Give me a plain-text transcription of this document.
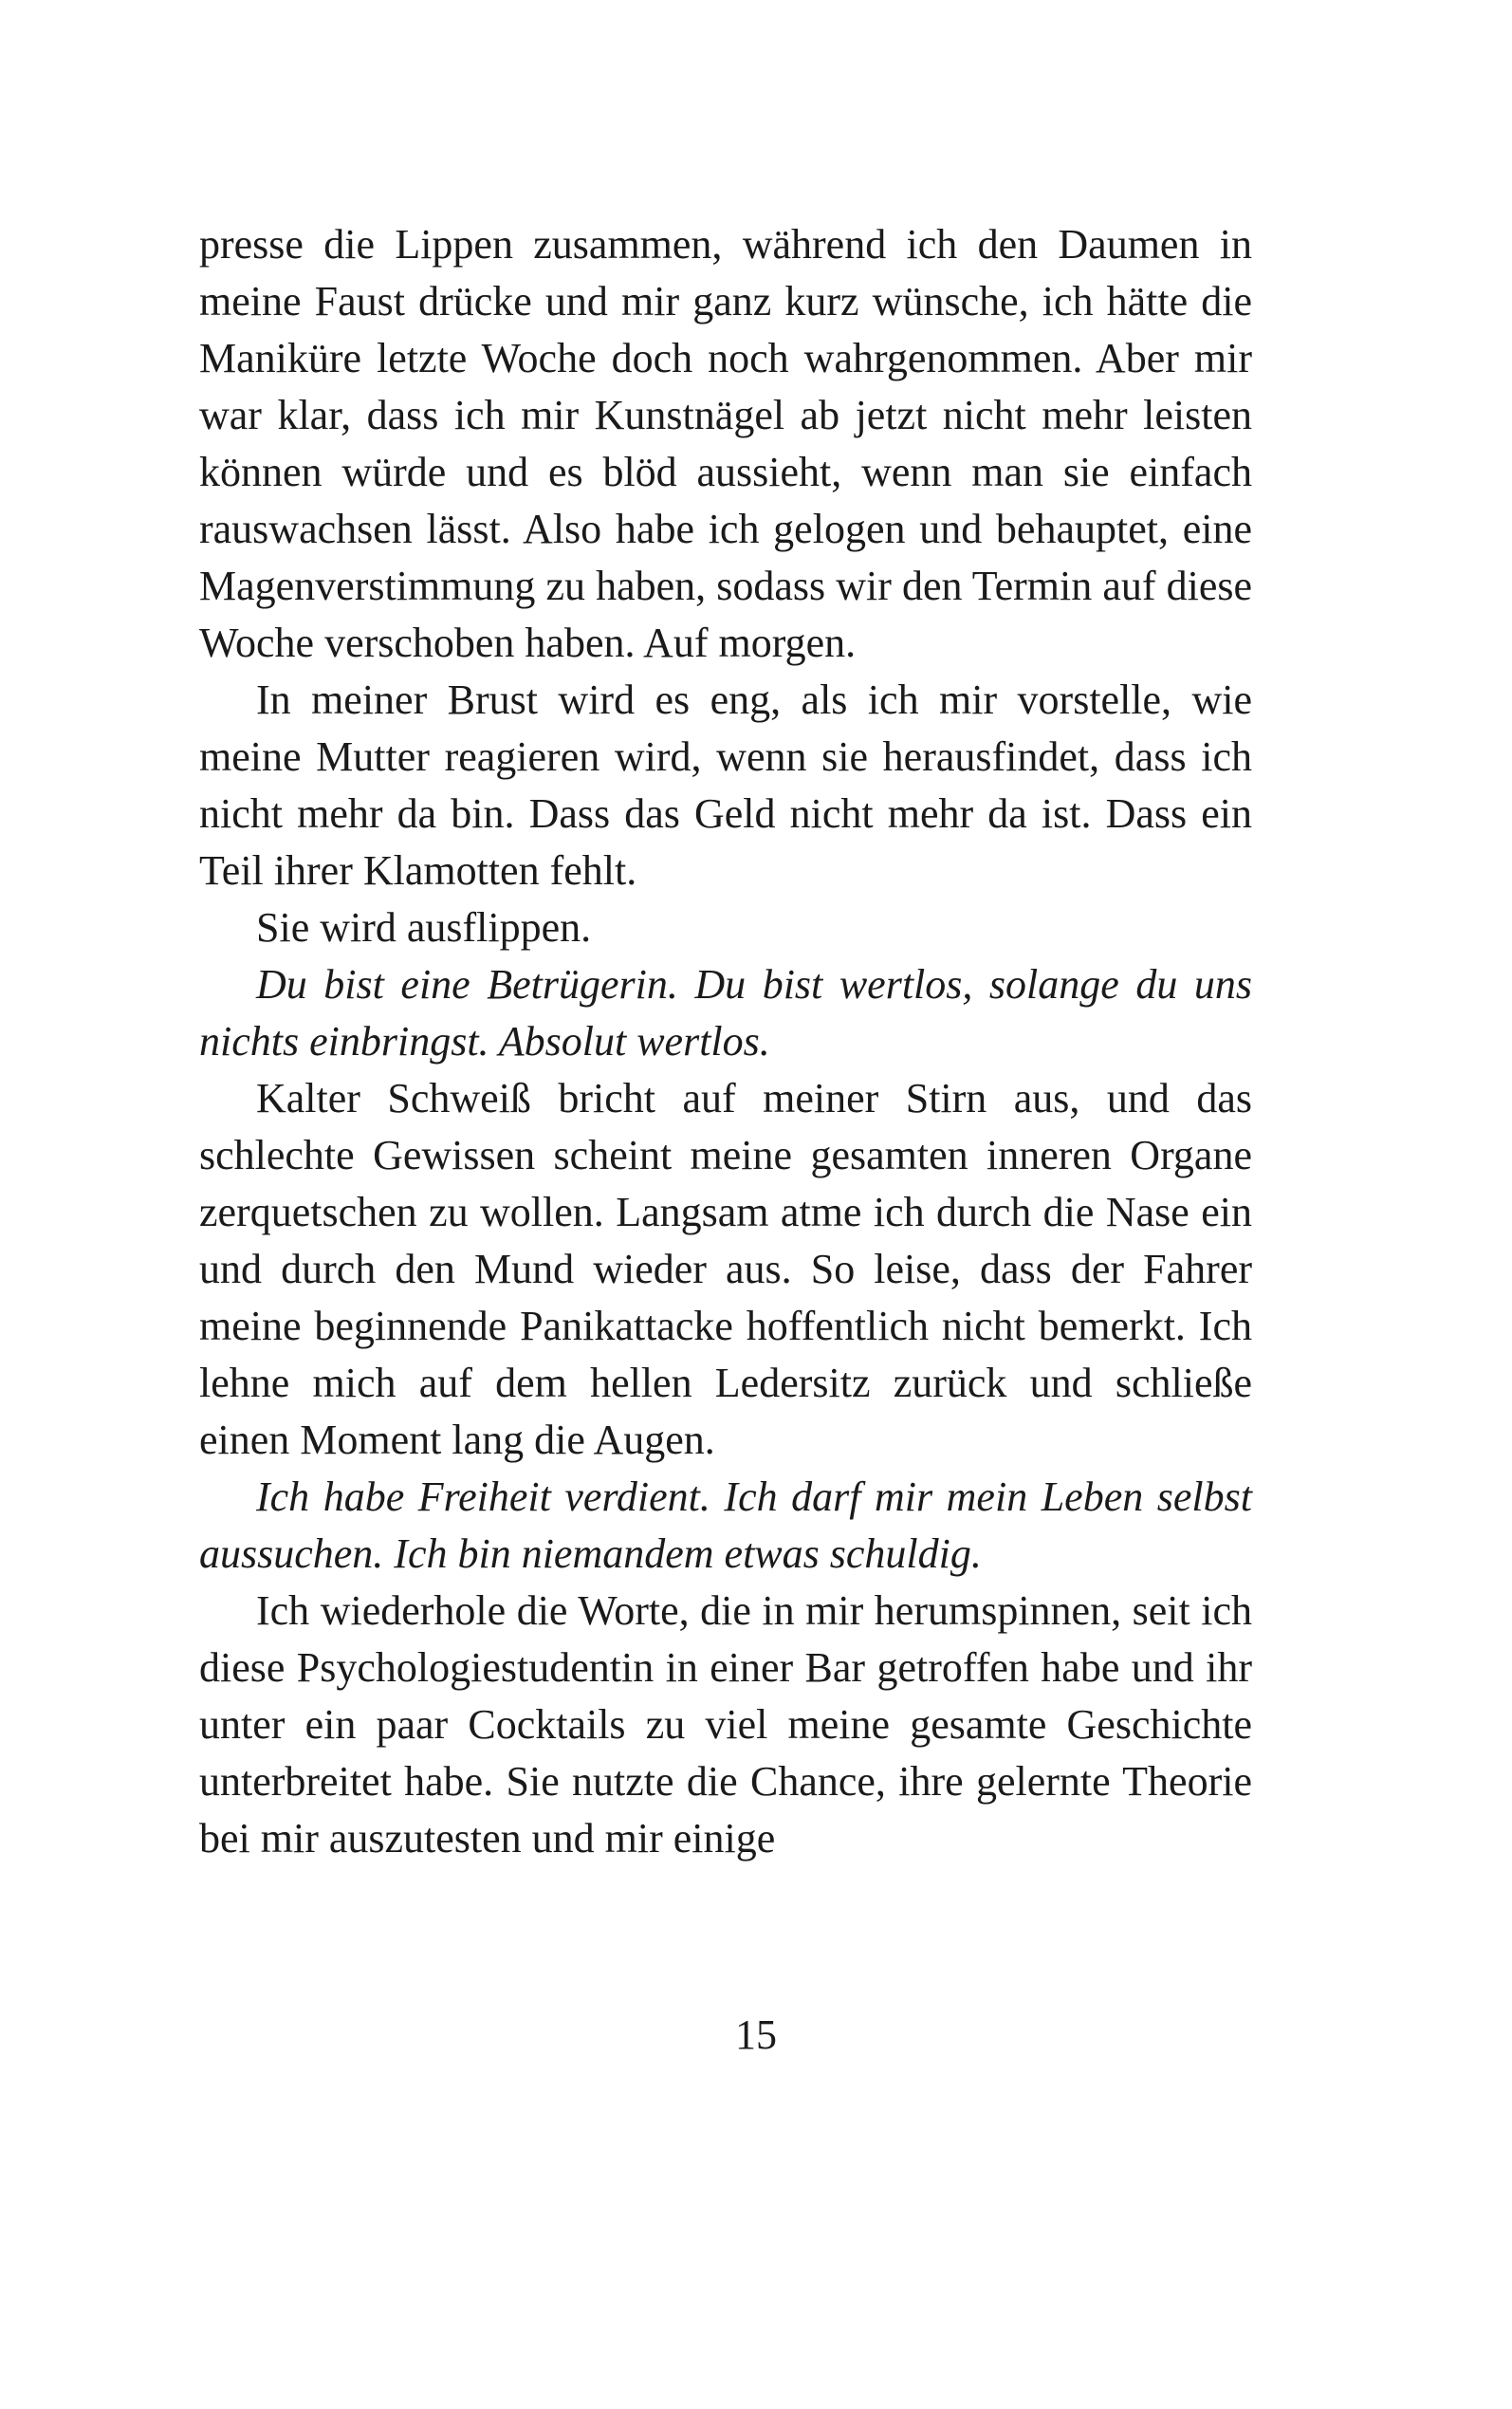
presse die Lippen zusammen, während ich den Daumen in meine Faust drücke und mir ganz kurz wünsche, ich hätte die Maniküre letzte Woche doch noch wahrgenommen. Aber mir war klar, dass ich mir Kunstnägel ab jetzt nicht mehr leisten können würde und es blöd aussieht, wenn man sie einfach rauswachsen lässt. Also habe ich gelogen und behauptet, eine Magenverstimmung zu haben, sodass wir den Termin auf diese Woche verschoben haben. Auf morgen.

In meiner Brust wird es eng, als ich mir vorstelle, wie meine Mutter reagieren wird, wenn sie herausfindet, dass ich nicht mehr da bin. Dass das Geld nicht mehr da ist. Dass ein Teil ihrer Klamotten fehlt.

Sie wird ausflippen.

Du bist eine Betrügerin. Du bist wertlos, solange du uns nichts einbringst. Absolut wertlos.

Kalter Schweiß bricht auf meiner Stirn aus, und das schlechte Gewissen scheint meine gesamten inneren Organe zerquetschen zu wollen. Langsam atme ich durch die Nase ein und durch den Mund wieder aus. So leise, dass der Fahrer meine beginnende Panikattacke hoffentlich nicht bemerkt. Ich lehne mich auf dem hellen Ledersitz zurück und schließe einen Moment lang die Augen.

Ich habe Freiheit verdient. Ich darf mir mein Leben selbst aussuchen. Ich bin niemandem etwas schuldig.

Ich wiederhole die Worte, die in mir herumspinnen, seit ich diese Psychologiestudentin in einer Bar getroffen habe und ihr unter ein paar Cocktails zu viel meine gesamte Geschichte unterbreitet habe. Sie nutzte die Chance, ihre gelernte Theorie bei mir auszutesten und mir einige

15
